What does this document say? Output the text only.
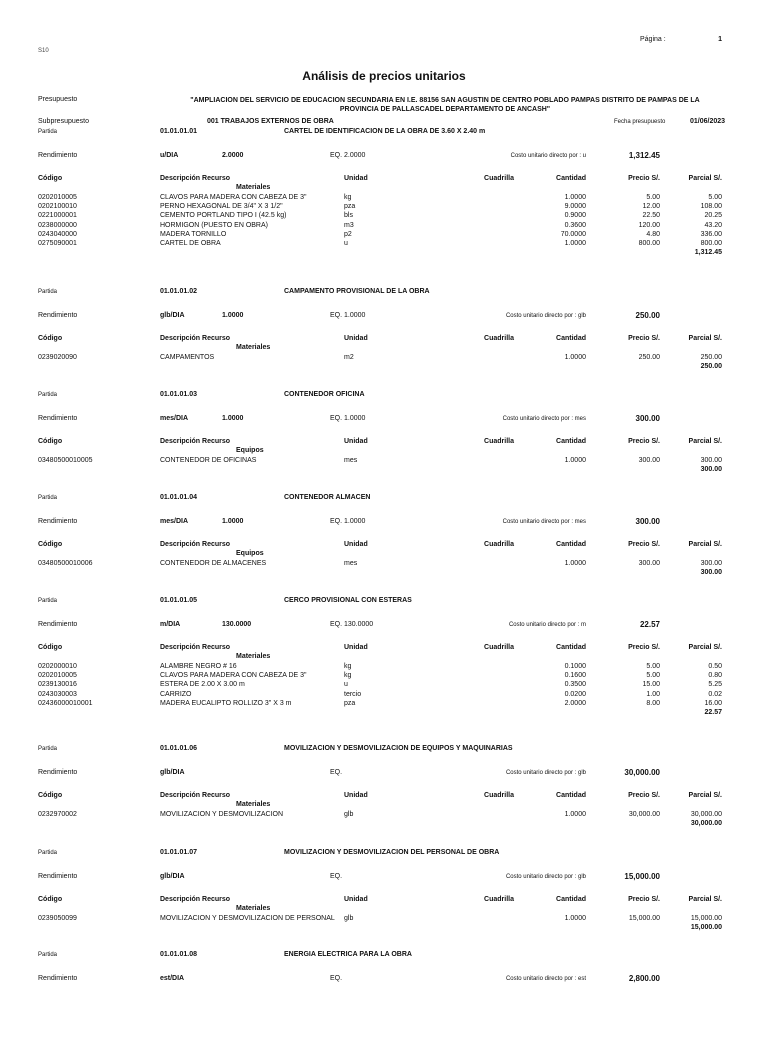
Página :	1
S10
Análisis de precios unitarios
Presupuesto	"AMPLIACION DEL SERVICIO DE EDUCACION SECUNDARIA EN I.E. 88156 SAN AGUSTIN DE CENTRO POBLADO PAMPAS DISTRITO DE PAMPAS DE LA PROVINCIA DE PALLASCADEL DEPARTAMENTO DE ANCASH"
Subpresupuesto	001 TRABAJOS EXTERNOS DE OBRA	Fecha presupuesto	01/06/2023
Partida	01.01.01.01	CARTEL DE IDENTIFICACION DE LA OBRA DE 3.60 X 2.40 m
Rendimiento	u/DIA	2.0000	EQ. 2.0000	Costo unitario directo por : u	1,312.45
Código	Descripción Recurso	Unidad	Cuadrilla	Cantidad	Precio S/.	Parcial S/.
Materiales
0202010005	CLAVOS PARA MADERA CON CABEZA DE 3"	kg	1.0000	5.00	5.00
0202100010	PERNO HEXAGONAL DE 3/4" X 3 1/2"	pza	9.0000	12.00	108.00
0221000001	CEMENTO PORTLAND TIPO I (42.5 kg)	bls	0.9000	22.50	20.25
0238000000	HORMIGON (PUESTO EN OBRA)	m3	0.3600	120.00	43.20
0243040000	MADERA TORNILLO	p2	70.0000	4.80	336.00
0275090001	CARTEL DE OBRA	u	1.0000	800.00	800.00
1,312.45
Partida	01.01.01.02	CAMPAMENTO PROVISIONAL DE LA OBRA
Rendimiento	glb/DIA	1.0000	EQ. 1.0000	Costo unitario directo por : glb	250.00
Código	Descripción Recurso	Unidad	Cuadrilla	Cantidad	Precio S/.	Parcial S/.
Materiales
0239020090	CAMPAMENTOS	m2	1.0000	250.00	250.00
250.00
Partida	01.01.01.03	CONTENEDOR OFICINA
Rendimiento	mes/DIA	1.0000	EQ. 1.0000	Costo unitario directo por : mes	300.00
Código	Descripción Recurso	Unidad	Cuadrilla	Cantidad	Precio S/.	Parcial S/.
Equipos
03480500010005	CONTENEDOR DE OFICINAS	mes	1.0000	300.00	300.00
300.00
Partida	01.01.01.04	CONTENEDOR ALMACEN
Rendimiento	mes/DIA	1.0000	EQ. 1.0000	Costo unitario directo por : mes	300.00
Código	Descripción Recurso	Unidad	Cuadrilla	Cantidad	Precio S/.	Parcial S/.
Equipos
03480500010006	CONTENEDOR DE ALMACENES	mes	1.0000	300.00	300.00
300.00
Partida	01.01.01.05	CERCO PROVISIONAL CON ESTERAS
Rendimiento	m/DIA	130.0000	EQ. 130.0000	Costo unitario directo por : m	22.57
Código	Descripción Recurso	Unidad	Cuadrilla	Cantidad	Precio S/.	Parcial S/.
Materiales
0202000010	ALAMBRE NEGRO # 16	kg	0.1000	5.00	0.50
0202010005	CLAVOS PARA MADERA CON CABEZA DE 3"	kg	0.1600	5.00	0.80
0239130016	ESTERA DE 2.00 X 3.00 m	u	0.3500	15.00	5.25
0243030003	CARRIZO	tercio	0.0200	1.00	0.02
02436000010001	MADERA EUCALIPTO ROLLIZO 3" X 3 m	pza	2.0000	8.00	16.00
22.57
Partida	01.01.01.06	MOVILIZACION Y DESMOVILIZACION DE EQUIPOS Y MAQUINARIAS
Rendimiento	glb/DIA	EQ.	Costo unitario directo por : glb	30,000.00
Código	Descripción Recurso	Unidad	Cuadrilla	Cantidad	Precio S/.	Parcial S/.
Materiales
0232970002	MOVILIZACION Y DESMOVILIZACION	glb	1.0000	30,000.00	30,000.00
30,000.00
Partida	01.01.01.07	MOVILIZACION Y DESMOVILIZACION DEL PERSONAL DE OBRA
Rendimiento	glb/DIA	EQ.	Costo unitario directo por : glb	15,000.00
Código	Descripción Recurso	Unidad	Cuadrilla	Cantidad	Precio S/.	Parcial S/.
Materiales
0239050099	MOVILIZACION Y DESMOVILIZACION DE PERSONAL glb	1.0000	15,000.00	15,000.00
15,000.00
Partida	01.01.01.08	ENERGIA ELECTRICA PARA LA OBRA
Rendimiento	est/DIA	EQ.	Costo unitario directo por : est	2,800.00
